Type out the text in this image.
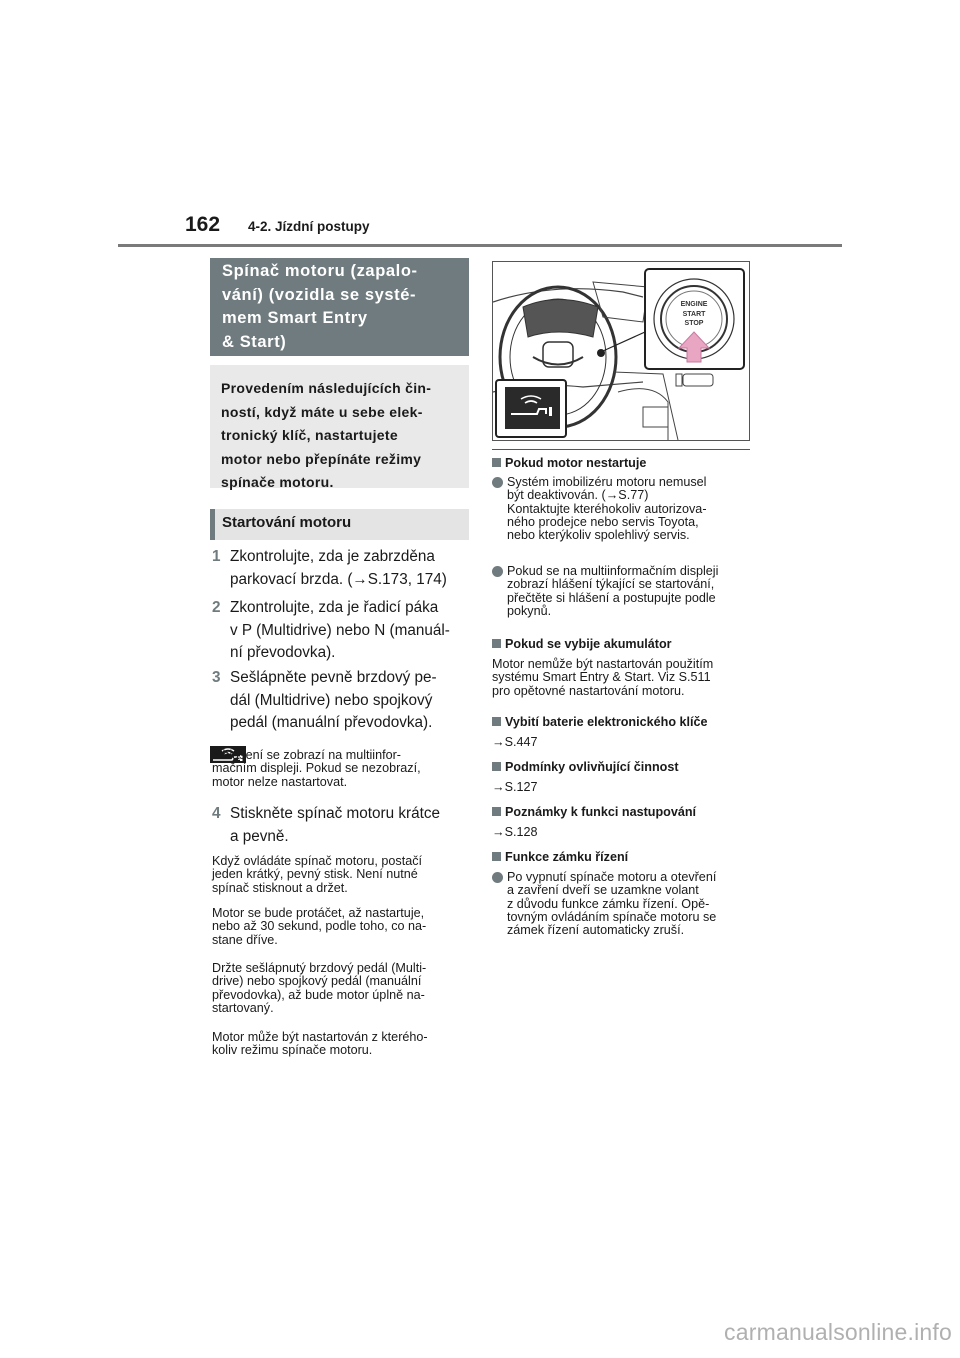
162 4-2. Jízdní postupy
Spínač motoru (zapalo-
vání) (vozidla se systé-
mem Smart Entry
& Start)
Provedením následujících čin-
ností, když máte u sebe elek-
tronický klíč, nastartujete
motor nebo přepínáte režimy
spínače motoru.
Startování motoru
1 Zkontrolujte, zda je zabrzděna
parkovací brzda. (→S.173, 174)
2 Zkontrolujte, zda je řadicí páka
v P (Multidrive) nebo N (manuál-
ní převodovka).
3 Sešlápněte pevně brzdový pe-
dál (Multidrive) nebo spojkový
pedál (manuální převodovka).
a hlášení se zobrazí na multiinfor-
mačním displeji. Pokud se nezobrazí,
motor nelze nastartovat.
4 Stiskněte spínač motoru krátce
a pevně.
Když ovládáte spínač motoru, postačí
jeden krátký, pevný stisk. Není nutné
spínač stisknout a držet.
Motor se bude protáčet, až nastartuje,
nebo až 30 sekund, podle toho, co na-
stane dříve.
Držte sešlápnutý brzdový pedál (Multi-
drive) nebo spojkový pedál (manuální
převodovka), až bude motor úplně na-
startovaný.
Motor může být nastartován z kterého-
koliv režimu spínače motoru.
ENGINE
START
STOP
Pokud motor nestartuje
Systém imobilizéru motoru nemusel
být deaktivován. (→S.77)
Kontaktujte kteréhokoliv autorizova-
ného prodejce nebo servis Toyota,
nebo kterýkoliv spolehlivý servis.
Pokud se na multiinformačním displeji
zobrazí hlášení týkající se startování,
přečtěte si hlášení a postupujte podle
pokynů.
Pokud se vybije akumulátor
Motor nemůže být nastartován použitím
systému Smart Entry & Start. Viz S.511
pro opětovné nastartování motoru.
Vybití baterie elektronického klíče
→S.447
Podmínky ovlivňující činnost
→S.127
Poznámky k funkci nastupování
→S.128
Funkce zámku řízení
Po vypnutí spínače motoru a otevření
a zavření dveří se uzamkne volant
z důvodu funkce zámku řízení. Opě-
tovným ovládáním spínače motoru se
zámek řízení automaticky zruší.
carmanualsonline.info
